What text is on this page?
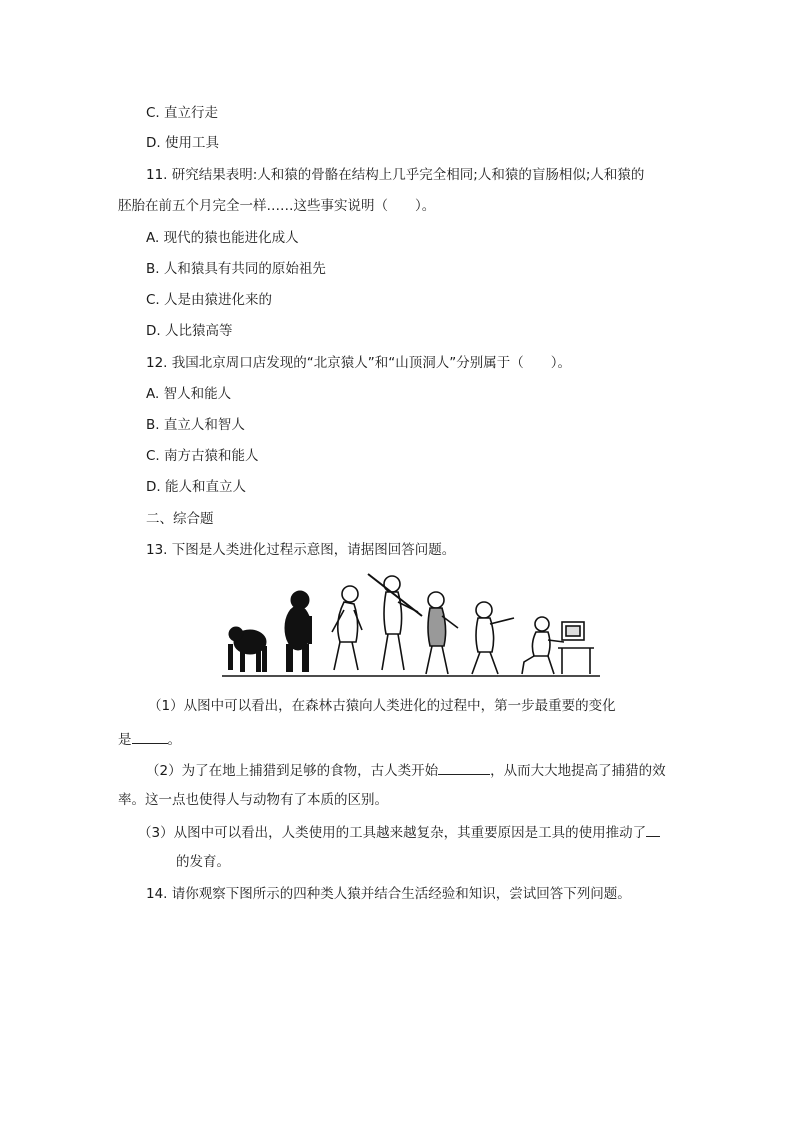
C. 直立行走
D. 使用工具
11. 研究结果表明:人和猿的骨骼在结构上几乎完全相同;人和猿的盲肠相似;人和猿的
胚胎在前五个月完全一样……这些事实说明（　　）。
A. 现代的猿也能进化成人
B. 人和猿具有共同的原始祖先
C. 人是由猿进化来的
D. 人比猿高等
12. 我国北京周口店发现的“北京猿人”和“山顶洞人”分别属于（　　）。
A. 智人和能人
B. 直立人和智人
C. 南方古猿和能人
D. 能人和直立人
二、综合题
13. 下图是人类进化过程示意图，请据图回答问题。
（1）从图中可以看出，在森林古猿向人类进化的过程中，第一步最重要的变化
是	。
（2）为了在地上捕猎到足够的食物，古人类开始	，从而大大地提高了捕猎的效
率。这一点也使得人与动物有了本质的区别。
（3）从图中可以看出，人类使用的工具越来越复杂，其重要原因是工具的使用推动了
的发育。
14. 请你观察下图所示的四种类人猿并结合生活经验和知识，尝试回答下列问题。
